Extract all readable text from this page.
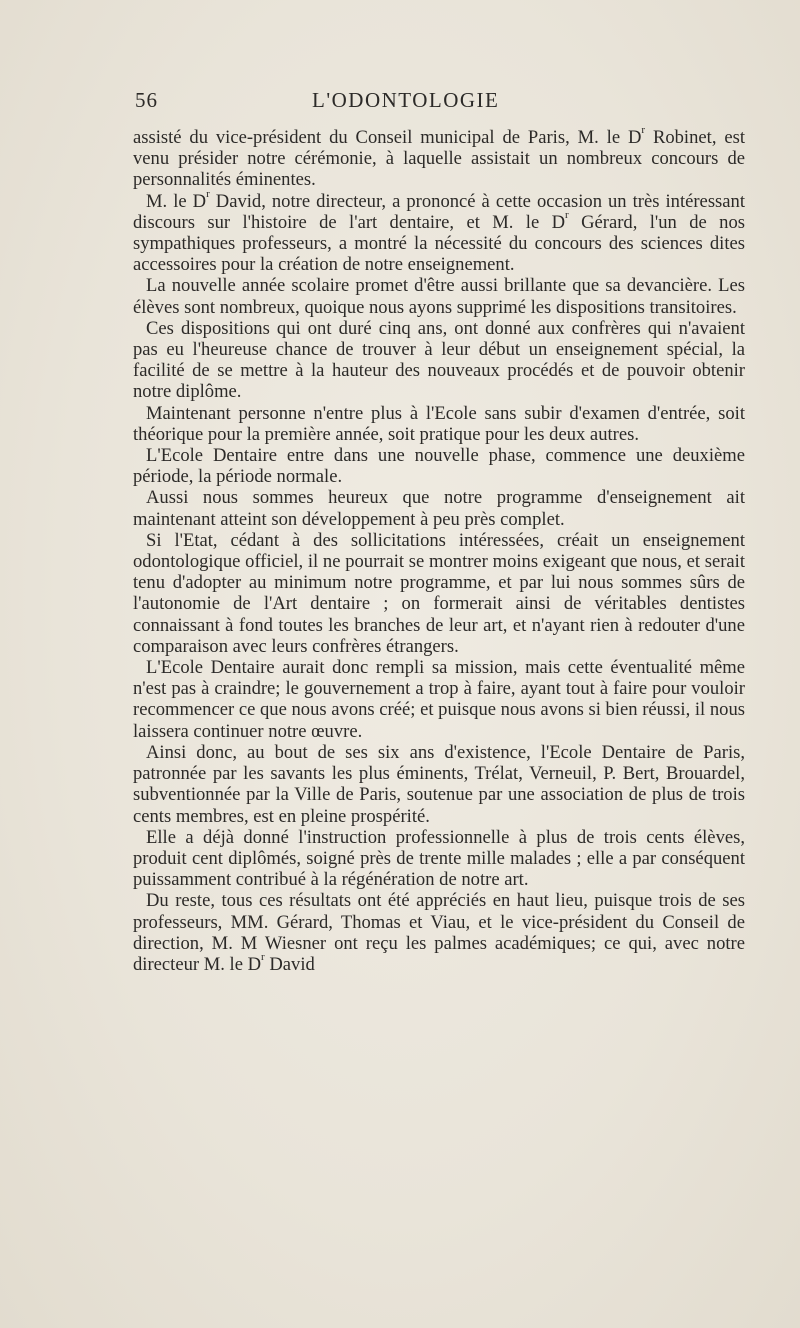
56	L'ODONTOLOGIE

assisté du vice-président du Conseil municipal de Paris, M. le $D^r$ Robinet, est venu présider notre cérémonie, à laquelle assistait un nombreux concours de personnalités éminentes.

M. le $D^r$ David, notre directeur, a prononcé à cette occasion un très intéressant discours sur l'histoire de l'art dentaire, et M. le $D^r$ Gérard, l'un de nos sympathiques professeurs, a montré la nécessité du concours des sciences dites accessoires pour la création de notre enseignement.

La nouvelle année scolaire promet d'être aussi brillante que sa devancière. Les élèves sont nombreux, quoique nous ayons supprimé les dispositions transitoires.

Ces dispositions qui ont duré cinq ans, ont donné aux confrères qui n'avaient pas eu l'heureuse chance de trouver à leur début un enseignement spécial, la facilité de se mettre à la hauteur des nouveaux procédés et de pouvoir obtenir notre diplôme.

Maintenant personne n'entre plus à l'Ecole sans subir d'examen d'entrée, soit théorique pour la première année, soit pratique pour les deux autres.

L'Ecole Dentaire entre dans une nouvelle phase, commence une deuxième période, la période normale.

Aussi nous sommes heureux que notre programme d'enseignement ait maintenant atteint son développement à peu près complet.

Si l'Etat, cédant à des sollicitations intéressées, créait un enseignement odontologique officiel, il ne pourrait se montrer moins exigeant que nous, et serait tenu d'adopter au minimum notre programme, et par lui nous sommes sûrs de l'autonomie de l'Art dentaire ; on formerait ainsi de véritables dentistes connaissant à fond toutes les branches de leur art, et n'ayant rien à redouter d'une comparaison avec leurs confrères étrangers.

L'Ecole Dentaire aurait donc rempli sa mission, mais cette éventualité même n'est pas à craindre; le gouvernement a trop à faire, ayant tout à faire pour vouloir recommencer ce que nous avons créé; et puisque nous avons si bien réussi, il nous laissera continuer notre œuvre.

Ainsi donc, au bout de ses six ans d'existence, l'Ecole Dentaire de Paris, patronnée par les savants les plus éminents, Trélat, Verneuil, P. Bert, Brouardel, subventionnée par la Ville de Paris, soutenue par une association de plus de trois cents membres, est en pleine prospérité.

Elle a déjà donné l'instruction professionnelle à plus de trois cents élèves, produit cent diplômés, soigné près de trente mille malades ; elle a par conséquent puissamment contribué à la régénération de notre art.

Du reste, tous ces résultats ont été appréciés en haut lieu, puisque trois de ses professeurs, MM. Gérard, Thomas et Viau, et le vice-président du Conseil de direction, M. M Wiesner ont reçu les palmes académiques; ce qui, avec notre directeur M. le $D^r$ David
